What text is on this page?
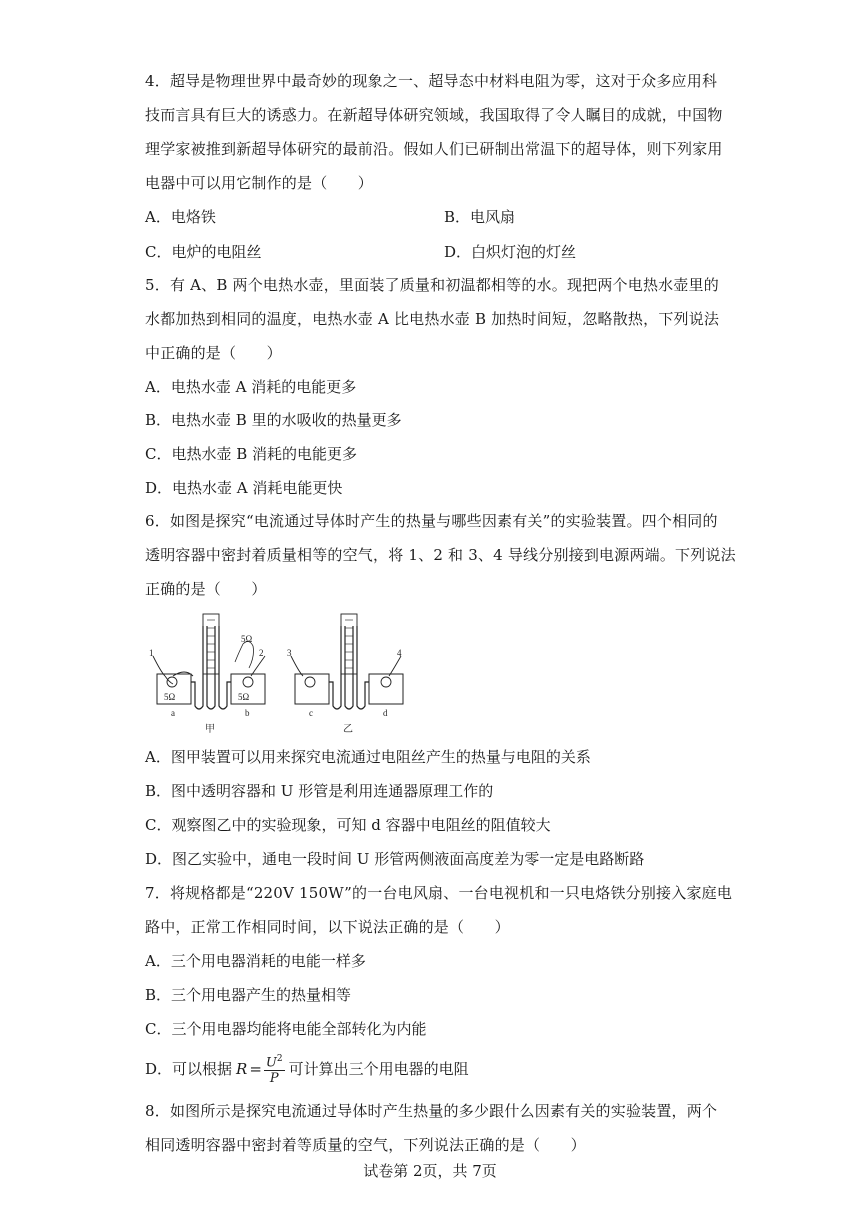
4．超导是物理世界中最奇妙的现象之一、超导态中材料电阻为零，这对于众多应用科
技而言具有巨大的诱惑力。在新超导体研究领域，我国取得了令人瞩目的成就，中国物
理学家被推到新超导体研究的最前沿。假如人们已研制出常温下的超导体，则下列家用
电器中可以用它制作的是（　　）
A．电烙铁	B．电风扇
C．电炉的电阻丝	D．白炽灯泡的灯丝
5．有 A、B 两个电热水壶，里面装了质量和初温都相等的水。现把两个电热水壶里的
水都加热到相同的温度，电热水壶 A 比电热水壶 B 加热时间短，忽略散热，下列说法
中正确的是（　　）
A．电热水壶 A 消耗的电能更多
B．电热水壶 B 里的水吸收的热量更多
C．电热水壶 B 消耗的电能更多
D．电热水壶 A 消耗电能更快
6．如图是探究“电流通过导体时产生的热量与哪些因素有关”的实验装置。四个相同的
透明容器中密封着质量相等的空气，将 1、2 和 3、4 导线分别接到电源两端。下列说法
正确的是（　　）
1	2
5Ω
5Ω	5Ω
a	b
甲
3	4
c	d
乙
A．图甲装置可以用来探究电流通过电阻丝产生的热量与电阻的关系
B．图中透明容器和 U 形管是利用连通器原理工作的
C．观察图乙中的实验现象，可知 d 容器中电阻丝的阻值较大
D．图乙实验中，通电一段时间 U 形管两侧液面高度差为零一定是电路断路
7．将规格都是“220V 150W”的一台电风扇、一台电视机和一只电烙铁分别接入家庭电
路中，正常工作相同时间，以下说法正确的是（　　）
A．三个用电器消耗的电能一样多
B．三个用电器产生的热量相等
C．三个用电器均能将电能全部转化为内能
D．可以根据 $R = \frac{U^2}{P}$ 可计算出三个用电器的电阻
8．如图所示是探究电流通过导体时产生热量的多少跟什么因素有关的实验装置，两个
相同透明容器中密封着等质量的空气，下列说法正确的是（　　）
试卷第 2页，共 7页
